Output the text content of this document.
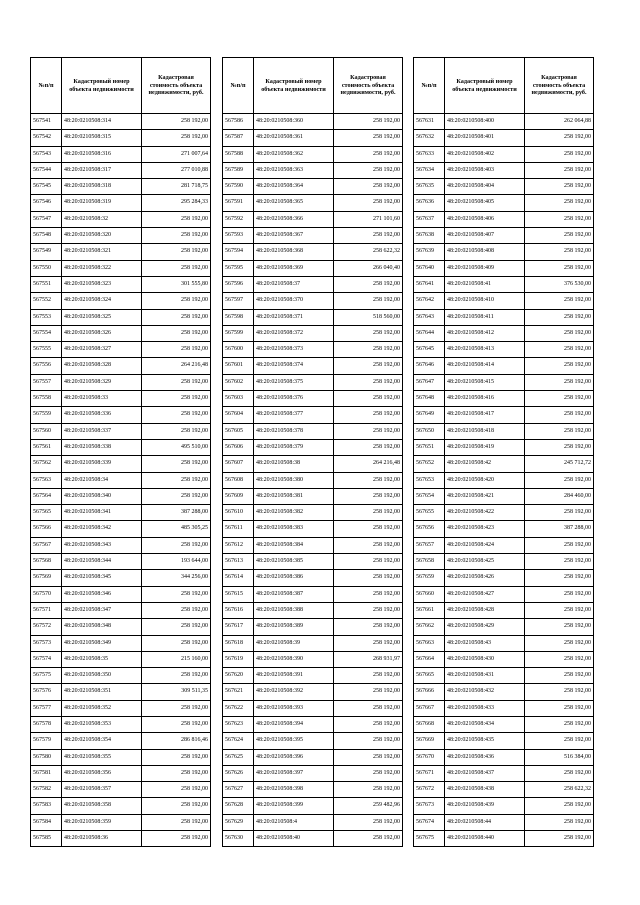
№п/п	Кадастровый номер объекта недвижимости	Кадастровая стоимость объекта недвижимости, руб.
567541	48:20:0210508:314	258 192,00
567542	48:20:0210508:315	258 192,00
567543	48:20:0210508:316	271 007,64
567544	48:20:0210508:317	277 010,88
567545	48:20:0210508:318	281 718,75
567546	48:20:0210508:319	295 284,33
567547	48:20:0210508:32	258 192,00
567548	48:20:0210508:320	258 192,00
567549	48:20:0210508:321	258 192,00
567550	48:20:0210508:322	258 192,00
567551	48:20:0210508:323	301 555,80
567552	48:20:0210508:324	258 192,00
567553	48:20:0210508:325	258 192,00
567554	48:20:0210508:326	258 192,00
567555	48:20:0210508:327	258 192,00
567556	48:20:0210508:328	264 216,48
567557	48:20:0210508:329	258 192,00
567558	48:20:0210508:33	258 192,00
567559	48:20:0210508:336	258 192,00
567560	48:20:0210508:337	258 192,00
567561	48:20:0210508:338	495 510,00
567562	48:20:0210508:339	258 192,00
567563	48:20:0210508:34	258 192,00
567564	48:20:0210508:340	258 192,00
567565	48:20:0210508:341	387 288,00
567566	48:20:0210508:342	485 305,25
567567	48:20:0210508:343	258 192,00
567568	48:20:0210508:344	193 644,00
567569	48:20:0210508:345	344 256,00
567570	48:20:0210508:346	258 192,00
567571	48:20:0210508:347	258 192,00
567572	48:20:0210508:348	258 192,00
567573	48:20:0210508:349	258 192,00
567574	48:20:0210508:35	215 160,00
567575	48:20:0210508:350	258 192,00
567576	48:20:0210508:351	309 511,35
567577	48:20:0210508:352	258 192,00
567578	48:20:0210508:353	258 192,00
567579	48:20:0210508:354	286 816,46
567580	48:20:0210508:355	258 192,00
567581	48:20:0210508:356	258 192,00
567582	48:20:0210508:357	258 192,00
567583	48:20:0210508:358	258 192,00
567584	48:20:0210508:359	258 192,00
567585	48:20:0210508:36	258 192,00
№п/п	Кадастровый номер объекта недвижимости	Кадастровая стоимость объекта недвижимости, руб.
567586	48:20:0210508:360	258 192,00
567587	48:20:0210508:361	258 192,00
567588	48:20:0210508:362	258 192,00
567589	48:20:0210508:363	258 192,00
567590	48:20:0210508:364	258 192,00
567591	48:20:0210508:365	258 192,00
567592	48:20:0210508:366	271 101,60
567593	48:20:0210508:367	258 192,00
567594	48:20:0210508:368	258 622,32
567595	48:20:0210508:369	266 040,40
567596	48:20:0210508:37	258 192,00
567597	48:20:0210508:370	258 192,00
567598	48:20:0210508:371	518 560,00
567599	48:20:0210508:372	258 192,00
567600	48:20:0210508:373	258 192,00
567601	48:20:0210508:374	258 192,00
567602	48:20:0210508:375	258 192,00
567603	48:20:0210508:376	258 192,00
567604	48:20:0210508:377	258 192,00
567605	48:20:0210508:378	258 192,00
567606	48:20:0210508:379	258 192,00
567607	48:20:0210508:38	264 216,48
567608	48:20:0210508:380	258 192,00
567609	48:20:0210508:381	258 192,00
567610	48:20:0210508:382	258 192,00
567611	48:20:0210508:383	258 192,00
567612	48:20:0210508:384	258 192,00
567613	48:20:0210508:385	258 192,00
567614	48:20:0210508:386	258 192,00
567615	48:20:0210508:387	258 192,00
567616	48:20:0210508:388	258 192,00
567617	48:20:0210508:389	258 192,00
567618	48:20:0210508:39	258 192,00
567619	48:20:0210508:390	268 931,97
567620	48:20:0210508:391	258 192,00
567621	48:20:0210508:392	258 192,00
567622	48:20:0210508:393	258 192,00
567623	48:20:0210508:394	258 192,00
567624	48:20:0210508:395	258 192,00
567625	48:20:0210508:396	258 192,00
567626	48:20:0210508:397	258 192,00
567627	48:20:0210508:398	258 192,00
567628	48:20:0210508:399	259 482,96
567629	48:20:0210508:4	258 192,00
567630	48:20:0210508:40	258 192,00
№п/п	Кадастровый номер объекта недвижимости	Кадастровая стоимость объекта недвижимости, руб.
567631	48:20:0210508:400	262 064,88
567632	48:20:0210508:401	258 192,00
567633	48:20:0210508:402	258 192,00
567634	48:20:0210508:403	258 192,00
567635	48:20:0210508:404	258 192,00
567636	48:20:0210508:405	258 192,00
567637	48:20:0210508:406	258 192,00
567638	48:20:0210508:407	258 192,00
567639	48:20:0210508:408	258 192,00
567640	48:20:0210508:409	258 192,00
567641	48:20:0210508:41	376 530,00
567642	48:20:0210508:410	258 192,00
567643	48:20:0210508:411	258 192,00
567644	48:20:0210508:412	258 192,00
567645	48:20:0210508:413	258 192,00
567646	48:20:0210508:414	258 192,00
567647	48:20:0210508:415	258 192,00
567648	48:20:0210508:416	258 192,00
567649	48:20:0210508:417	258 192,00
567650	48:20:0210508:418	258 192,00
567651	48:20:0210508:419	258 192,00
567652	48:20:0210508:42	245 712,72
567653	48:20:0210508:420	258 192,00
567654	48:20:0210508:421	284 460,00
567655	48:20:0210508:422	258 192,00
567656	48:20:0210508:423	387 288,00
567657	48:20:0210508:424	258 192,00
567658	48:20:0210508:425	258 192,00
567659	48:20:0210508:426	258 192,00
567660	48:20:0210508:427	258 192,00
567661	48:20:0210508:428	258 192,00
567662	48:20:0210508:429	258 192,00
567663	48:20:0210508:43	258 192,00
567664	48:20:0210508:430	258 192,00
567665	48:20:0210508:431	258 192,00
567666	48:20:0210508:432	258 192,00
567667	48:20:0210508:433	258 192,00
567668	48:20:0210508:434	258 192,00
567669	48:20:0210508:435	258 192,00
567670	48:20:0210508:436	516 384,00
567671	48:20:0210508:437	258 192,00
567672	48:20:0210508:438	258 622,32
567673	48:20:0210508:439	258 192,00
567674	48:20:0210508:44	258 192,00
567675	48:20:0210508:440	258 192,00
